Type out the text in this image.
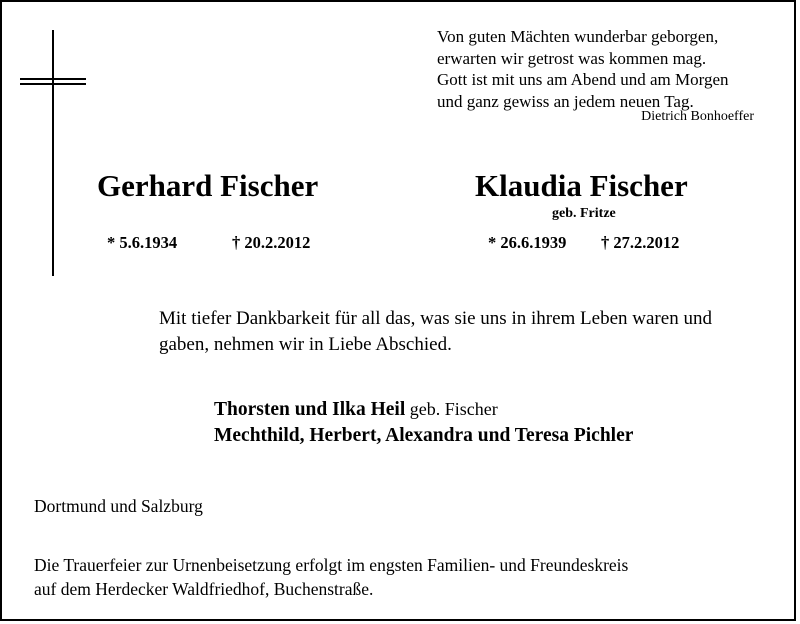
Von guten Mächten wunderbar geborgen,
erwarten wir getrost was kommen mag.
Gott ist mit uns am Abend und am Morgen
und ganz gewiss an jedem neuen Tag.
Dietrich Bonhoeffer
Gerhard Fischer	Klaudia Fischer
geb. Fritze
* 5.6.1934	† 20.2.2012	* 26.6.1939 † 27.2.2012
Mit tiefer Dankbarkeit für all das, was sie uns in ihrem Leben waren und
gaben, nehmen wir in Liebe Abschied.
Thorsten und Ilka Heil geb. Fischer
Mechthild, Herbert, Alexandra und Teresa Pichler
Dortmund und Salzburg
Die Trauerfeier zur Urnenbeisetzung erfolgt im engsten Familien- und Freundeskreis
auf dem Herdecker Waldfriedhof, Buchenstraße.
